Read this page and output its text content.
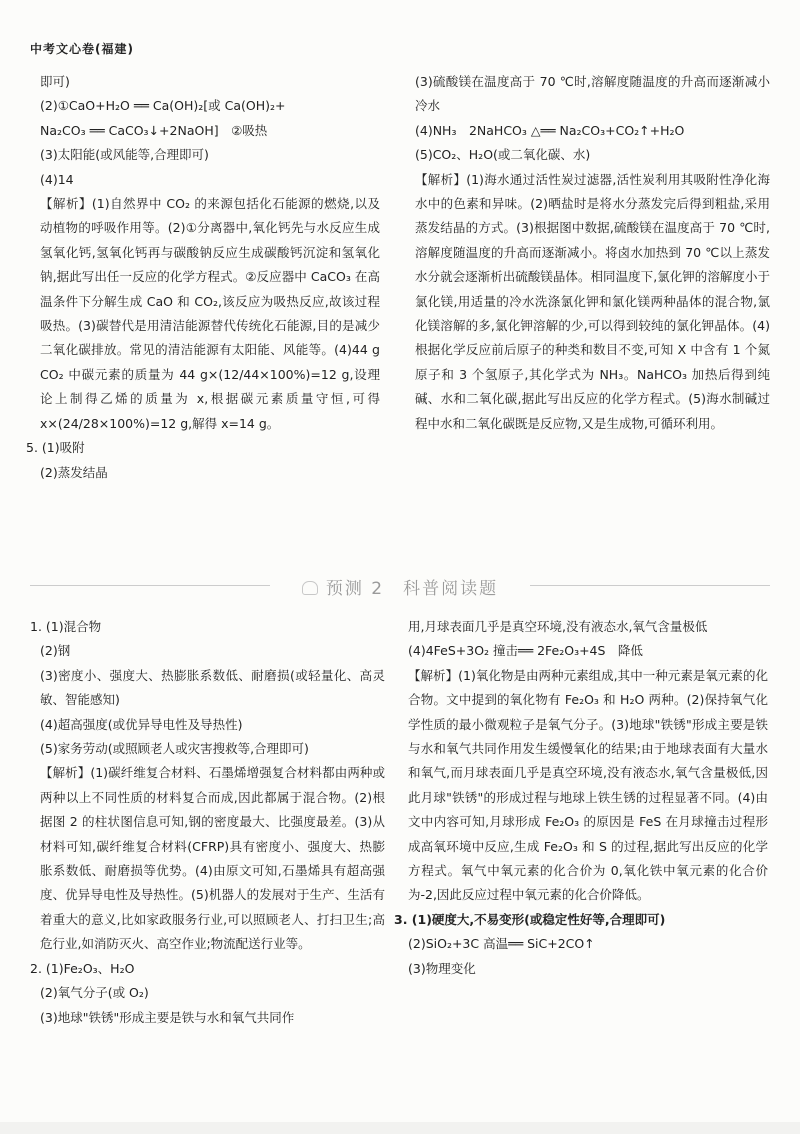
中考文心卷(福建)

即可)

(2)①CaO+H₂O ══ Ca(OH)₂[或 Ca(OH)₂+

Na₂CO₃ ══ CaCO₃↓+2NaOH]　②吸热

(3)太阳能(或风能等,合理即可)

(4)14

【解析】(1)自然界中 CO₂ 的来源包括化石能源的燃烧,以及动植物的呼吸作用等。(2)①分离器中,氧化钙先与水反应生成氢氧化钙,氢氧化钙再与碳酸钠反应生成碳酸钙沉淀和氢氧化钠,据此写出任一反应的化学方程式。②反应器中 CaCO₃ 在高温条件下分解生成 CaO 和 CO₂,该反应为吸热反应,故该过程吸热。(3)碳替代是用清洁能源替代传统化石能源,目的是减少二氧化碳排放。常见的清洁能源有太阳能、风能等。(4)44 g CO₂ 中碳元素的质量为 44 g×(12/44×100%)=12 g,设理论上制得乙烯的质量为 x,根据碳元素质量守恒,可得 x×(24/28×100%)=12 g,解得 x=14 g。

5. (1)吸附

(2)蒸发结晶

(3)硫酸镁在温度高于 70 ℃时,溶解度随温度的升高而逐渐减小　冷水

(4)NH₃　2NaHCO₃ △══ Na₂CO₃+CO₂↑+H₂O

(5)CO₂、H₂O(或二氧化碳、水)

【解析】(1)海水通过活性炭过滤器,活性炭利用其吸附性净化海水中的色素和异味。(2)晒盐时是将水分蒸发完后得到粗盐,采用蒸发结晶的方式。(3)根据图中数据,硫酸镁在温度高于 70 ℃时,溶解度随温度的升高而逐渐减小。将卤水加热到 70 ℃以上蒸发水分就会逐渐析出硫酸镁晶体。相同温度下,氯化钾的溶解度小于氯化镁,用适量的冷水洗涤氯化钾和氯化镁两种晶体的混合物,氯化镁溶解的多,氯化钾溶解的少,可以得到较纯的氯化钾晶体。(4)根据化学反应前后原子的种类和数目不变,可知 X 中含有 1 个氮原子和 3 个氢原子,其化学式为 NH₃。NaHCO₃ 加热后得到纯碱、水和二氧化碳,据此写出反应的化学方程式。(5)海水制碱过程中水和二氧化碳既是反应物,又是生成物,可循环利用。

预测 2　科普阅读题

1. (1)混合物

(2)钢

(3)密度小、强度大、热膨胀系数低、耐磨损(或轻量化、高灵敏、智能感知)

(4)超高强度(或优异导电性及导热性)

(5)家务劳动(或照顾老人或灾害搜救等,合理即可)

【解析】(1)碳纤维复合材料、石墨烯增强复合材料都由两种或两种以上不同性质的材料复合而成,因此都属于混合物。(2)根据图 2 的柱状图信息可知,钢的密度最大、比强度最差。(3)从材料可知,碳纤维复合材料(CFRP)具有密度小、强度大、热膨胀系数低、耐磨损等优势。(4)由原文可知,石墨烯具有超高强度、优异导电性及导热性。(5)机器人的发展对于生产、生活有着重大的意义,比如家政服务行业,可以照顾老人、打扫卫生;高危行业,如消防灭火、高空作业;物流配送行业等。

2. (1)Fe₂O₃、H₂O

(2)氧气分子(或 O₂)

(3)地球"铁锈"形成主要是铁与水和氧气共同作

用,月球表面几乎是真空环境,没有液态水,氧气含量极低

(4)4FeS+3O₂ 撞击══ 2Fe₂O₃+4S　降低

【解析】(1)氧化物是由两种元素组成,其中一种元素是氧元素的化合物。文中提到的氧化物有 Fe₂O₃ 和 H₂O 两种。(2)保持氧气化学性质的最小微观粒子是氧气分子。(3)地球"铁锈"形成主要是铁与水和氧气共同作用发生缓慢氧化的结果;由于地球表面有大量水和氧气,而月球表面几乎是真空环境,没有液态水,氧气含量极低,因此月球"铁锈"的形成过程与地球上铁生锈的过程显著不同。(4)由文中内容可知,月球形成 Fe₂O₃ 的原因是 FeS 在月球撞击过程形成高氧环境中反应,生成 Fe₂O₃ 和 S 的过程,据此写出反应的化学方程式。氧气中氧元素的化合价为 0,氧化铁中氧元素的化合价为-2,因此反应过程中氧元素的化合价降低。

3. (1)硬度大,不易变形(或稳定性好等,合理即可)

(2)SiO₂+3C 高温══ SiC+2CO↑

(3)物理变化
